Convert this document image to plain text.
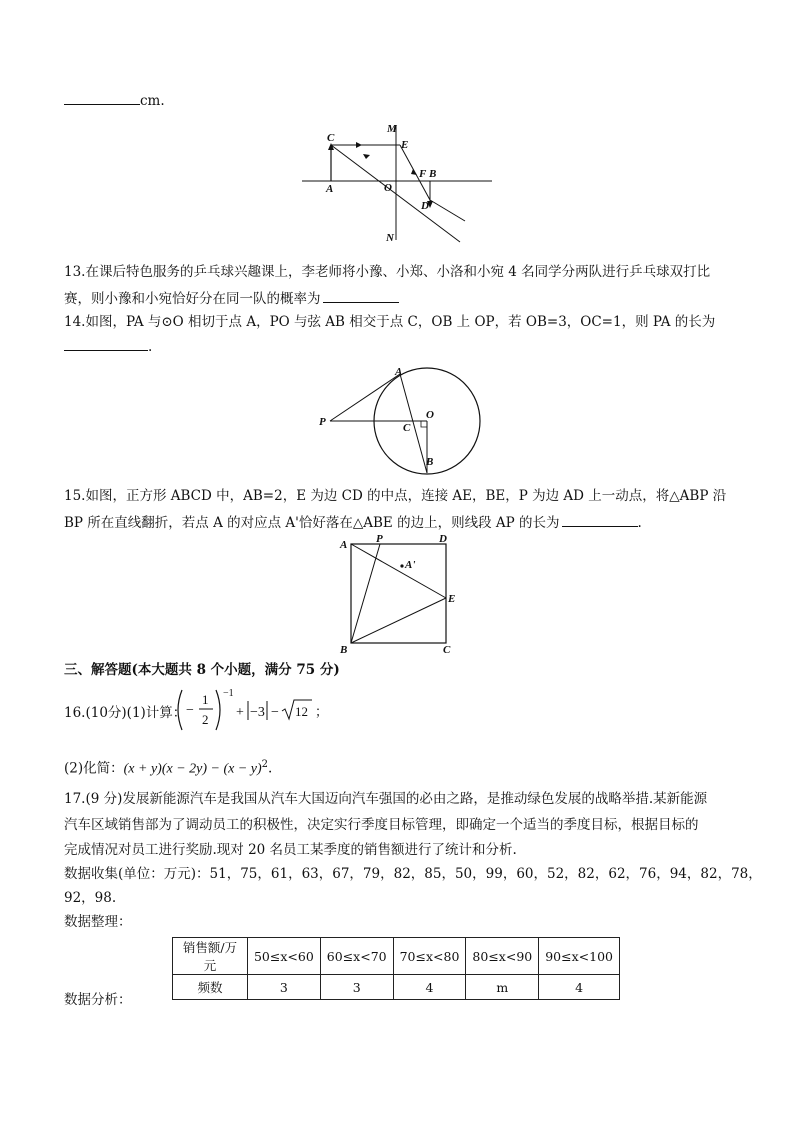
cm.
C
M
E
A	O
F B
D
N
13.在课后特色服务的乒乓球兴趣课上，李老师将小豫、小郑、小洛和小宛 4 名同学分两队进行乒乓球双打比
赛，则小豫和小宛恰好分在同一队的概率为
14.如图，PA 与⊙O 相切于点 A，PO 与弦 AB 相交于点 C，OB 上 OP，若 OB=3，OC=1，则 PA 的长为
.
A
P
O
C
B
15.如图，正方形 ABCD 中，AB=2，E 为边 CD 的中点，连接 AE，BE，P 为边 AD 上一动点，将△ABP 沿
BP 所在直线翻折，若点 A 的对应点 A'恰好落在△ABE 的边上，则线段 AP 的长为	.
A	P	D
A'
E
B	C
三、解答题(本大题共 8 个小题，满分 75 分)
16.(10分)(1)计算： −
1
2
−1
+ −3 − 12 ；
(2)化简：$(x + y)(x - 2y) - (x - y)^2$.
17.(9 分)发展新能源汽车是我国从汽车大国迈向汽车强国的必由之路，是推动绿色发展的战略举措.某新能源
汽车区域销售部为了调动员工的积极性，决定实行季度目标管理，即确定一个适当的季度目标，根据目标的
完成情况对员工进行奖励.现对 20 名员工某季度的销售额进行了统计和分析.
数据收集(单位：万元)：51，75，61，63，67，79，82，85，50，99，60，52，82，62，76，94，82，78，
92，98.
数据整理：
销售额/万元	50≤x<60	60≤x<70	70≤x<80	80≤x<90	90≤x<100
频数	3	3	4	m	4
数据分析：
